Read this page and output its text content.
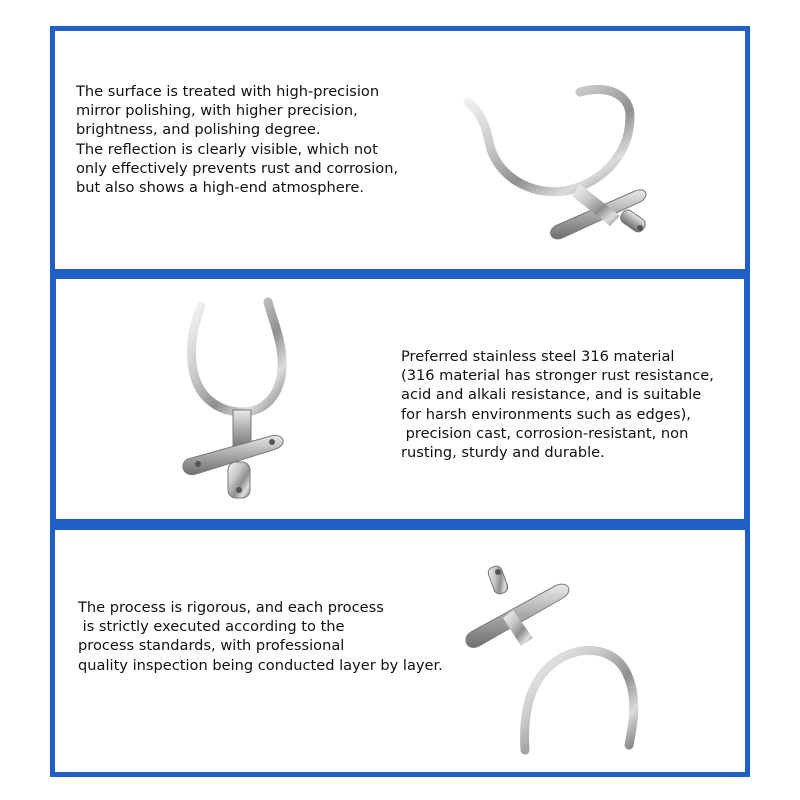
The surface is treated with high-precision
mirror polishing, with higher precision,
brightness, and polishing degree.
The reflection is clearly visible, which not
only effectively prevents rust and corrosion,
but also shows a high-end atmosphere.
Preferred stainless steel 316 material
(316 material has stronger rust resistance,
acid and alkali resistance, and is suitable
for harsh environments such as edges),
precision cast, corrosion-resistant, non
rusting, sturdy and durable.
The process is rigorous, and each process
is strictly executed according to the
process standards, with professional
quality inspection being conducted layer by layer.
